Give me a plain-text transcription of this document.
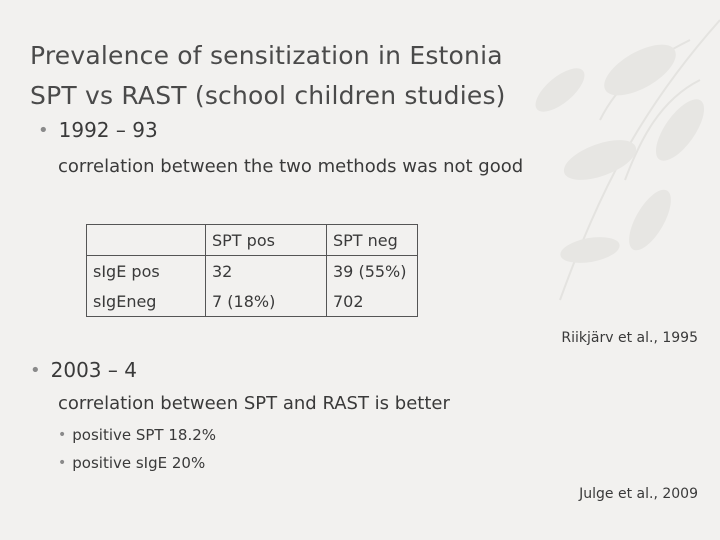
Prevalence of sensitization in Estonia
SPT vs RAST (school children studies)
• 1992 – 93
correlation between the two methods was not good
	SPT pos	SPT neg
sIgE pos	32	39 (55%)
sIgEneg	7 (18%)	702
Riikjärv et al., 1995
• 2003 – 4
correlation between SPT and RAST is better
• positive SPT 18.2%
• positive sIgE 20%
Julge et al., 2009
